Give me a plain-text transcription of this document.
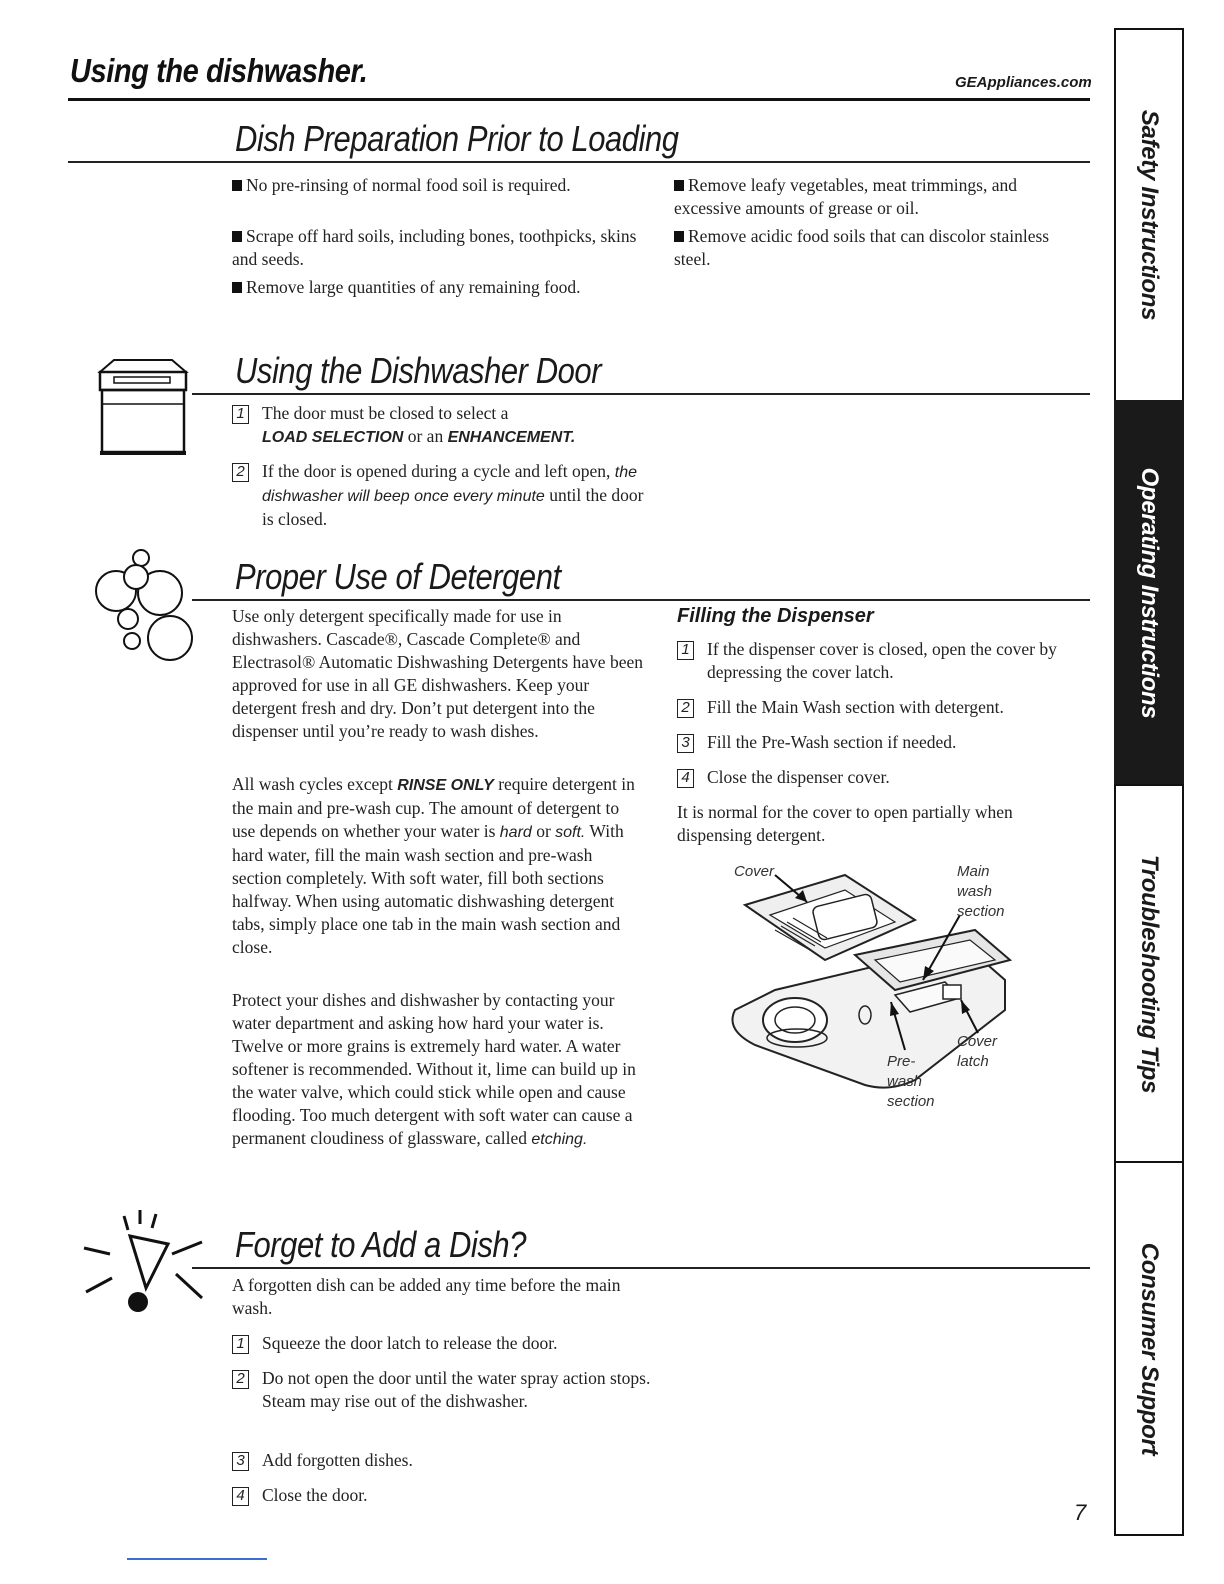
Using the dishwasher.	GEAppliances.com
Dish Preparation Prior to Loading
No pre-rinsing of normal food soil is required.
Scrape off hard soils, including bones, toothpicks, skins and seeds.
Remove large quantities of any remaining food.
Remove leafy vegetables, meat trimmings, and excessive amounts of grease or oil.
Remove acidic food soils that can discolor stainless steel.
Using the Dishwasher Door
1 The door must be closed to select a
LOAD SELECTION or an ENHANCEMENT.
2 If the door is opened during a cycle and left open, the dishwasher will beep once every minute until the door is closed.
Proper Use of Detergent
Use only detergent specifically made for use in dishwashers. Cascade®, Cascade Complete® and Electrasol® Automatic Dishwashing Detergents have been approved for use in all GE dishwashers. Keep your detergent fresh and dry. Don’t put detergent into the dispenser until you’re ready to wash dishes.
All wash cycles except RINSE ONLY require detergent in the main and pre-wash cup. The amount of detergent to use depends on whether your water is hard or soft. With hard water, fill the main wash section and pre-wash section completely. With soft water, fill both sections halfway. When using automatic dishwashing detergent tabs, simply place one tab in the main wash section and close.
Protect your dishes and dishwasher by contacting your water department and asking how hard your water is. Twelve or more grains is extremely hard water. A water softener is recommended. Without it, lime can build up in the water valve, which could stick while open and cause flooding. Too much detergent with soft water can cause a permanent cloudiness of glassware, called etching.
Filling the Dispenser
1 If the dispenser cover is closed, open the cover by depressing the cover latch.
2 Fill the Main Wash section with detergent.
3 Fill the Pre-Wash section if needed.
4 Close the dispenser cover.
It is normal for the cover to open partially when dispensing detergent.
Cover	Main wash section
Cover latch
Pre-wash section
Forget to Add a Dish?
A forgotten dish can be added any time before the main wash.
1 Squeeze the door latch to release the door.
2 Do not open the door until the water spray action stops. Steam may rise out of the dishwasher.
3 Add forgotten dishes.
4 Close the door.
Safety Instructions
Operating Instructions
Troubleshooting Tips
Consumer Support
7
